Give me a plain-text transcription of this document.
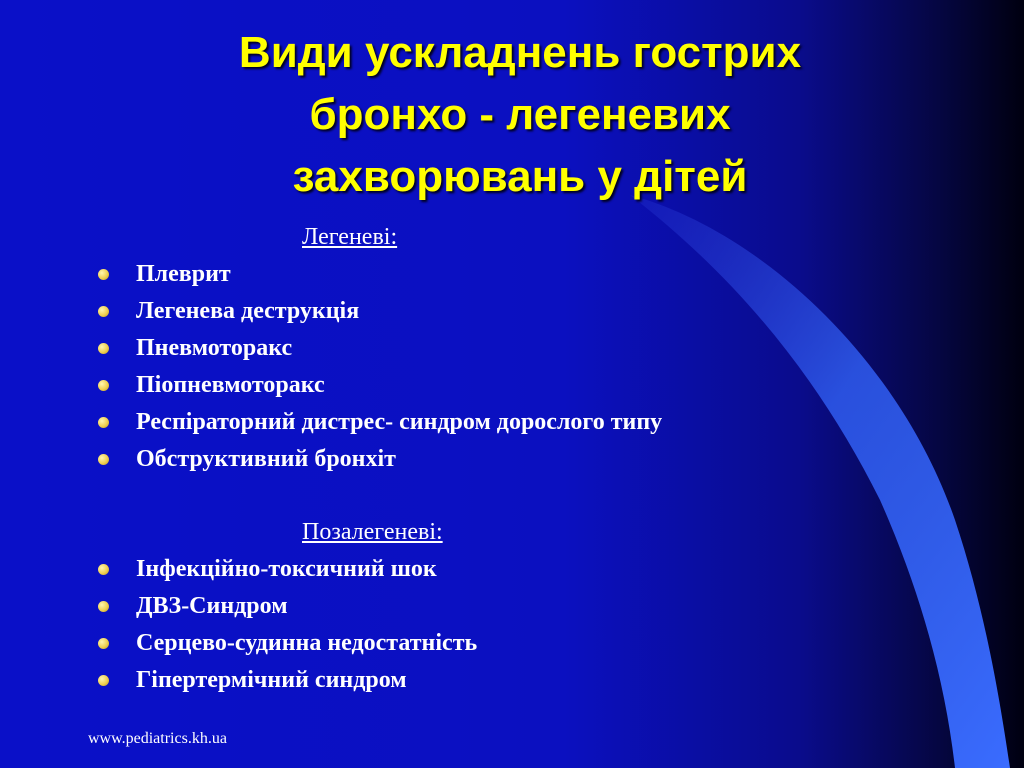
Види ускладнень гострих
бронхо - легеневих
захворювань у дітей
Легеневі:
Плеврит
Легенева деструкція
Пневмоторакс
Піопневмоторакс
Респіраторний дистрес- синдром дорослого типу
Обструктивний бронхіт
Позалегеневі:
Інфекційно-токсичний шок
ДВЗ-Синдром
Серцево-судинна недостатність
Гіпертермічний синдром
www.pediatrics.kh.ua
